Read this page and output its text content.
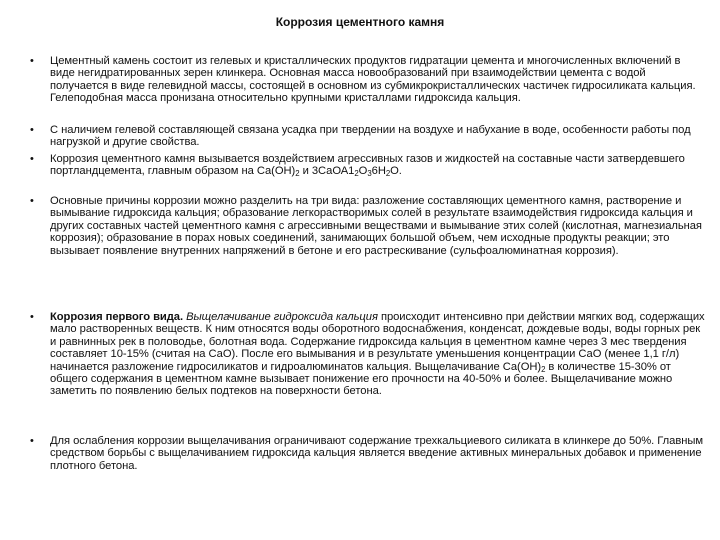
Коррозия цементного камня
• Цементный камень состоит из гелевых и кристаллических продуктов гидратации цемента и многочисленных включений в виде негидратированных зерен клинкера. Основная масса новообразований при взаимодействии цемента с водой получается в виде гелевидной массы, состоящей в основном из субмикрокристаллических частичек гидросиликата кальция. Гелеподобная масса пронизана относительно крупными кристаллами гидроксида кальция.
• С наличием гелевой составляющей связана усадка при твердении на воздухе и набухание в воде, особенности работы под нагрузкой и другие свойства.
• Коррозия цементного камня вызывается воздействием агрессивных газов и жидкостей на составные части затвердевшего портландцемента, главным образом на $Са(ОН)_2$ и $3СаОА1_2О_36Н_2О$.
• Основные причины коррозии можно разделить на три вида: разложение составляющих цементного камня, растворение и вымывание гидроксида кальция; образование легкорастворимых солей в результате взаимодействия гидроксида кальция и других составных частей цементного камня с агрессивными веществами и вымывание этих солей (кислотная, магнезиальная коррозия); образование в порах новых соединений, занимающих большой объем, чем исходные продукты реакции; это вызывает появление внутренних напряжений в бетоне и его растрескивание (сульфоалюминатная коррозия).
• Коррозия первого вида. Выщелачивание гидроксида кальция происходит интенсивно при действии мягких вод, содержащих мало растворенных веществ. К ним относятся воды оборотного водоснабжения, конденсат, дождевые воды, воды горных рек и равнинных рек в половодье, болотная вода. Содержание гидроксида кальция в цементном камне через 3 мес твердения составляет 10-15% (считая на СаО). После его вымывания и в результате уменьшения концентрации СаО (менее 1,1 г/л) начинается разложение гидросиликатов и гидроалюминатов кальция. Выщелачивание $Са(ОН)_2$ в количестве 15-30% от общего содержания в цементном камне вызывает понижение его прочности на 40-50% и более. Выщелачивание можно заметить по появлению белых подтеков на поверхности бетона.
• Для ослабления коррозии выщелачивания ограничивают содержание трехкальциевого силиката в клинкере до 50%. Главным средством борьбы с выщелачиванием гидроксида кальция является введение активных минеральных добавок и применение плотного бетона.
